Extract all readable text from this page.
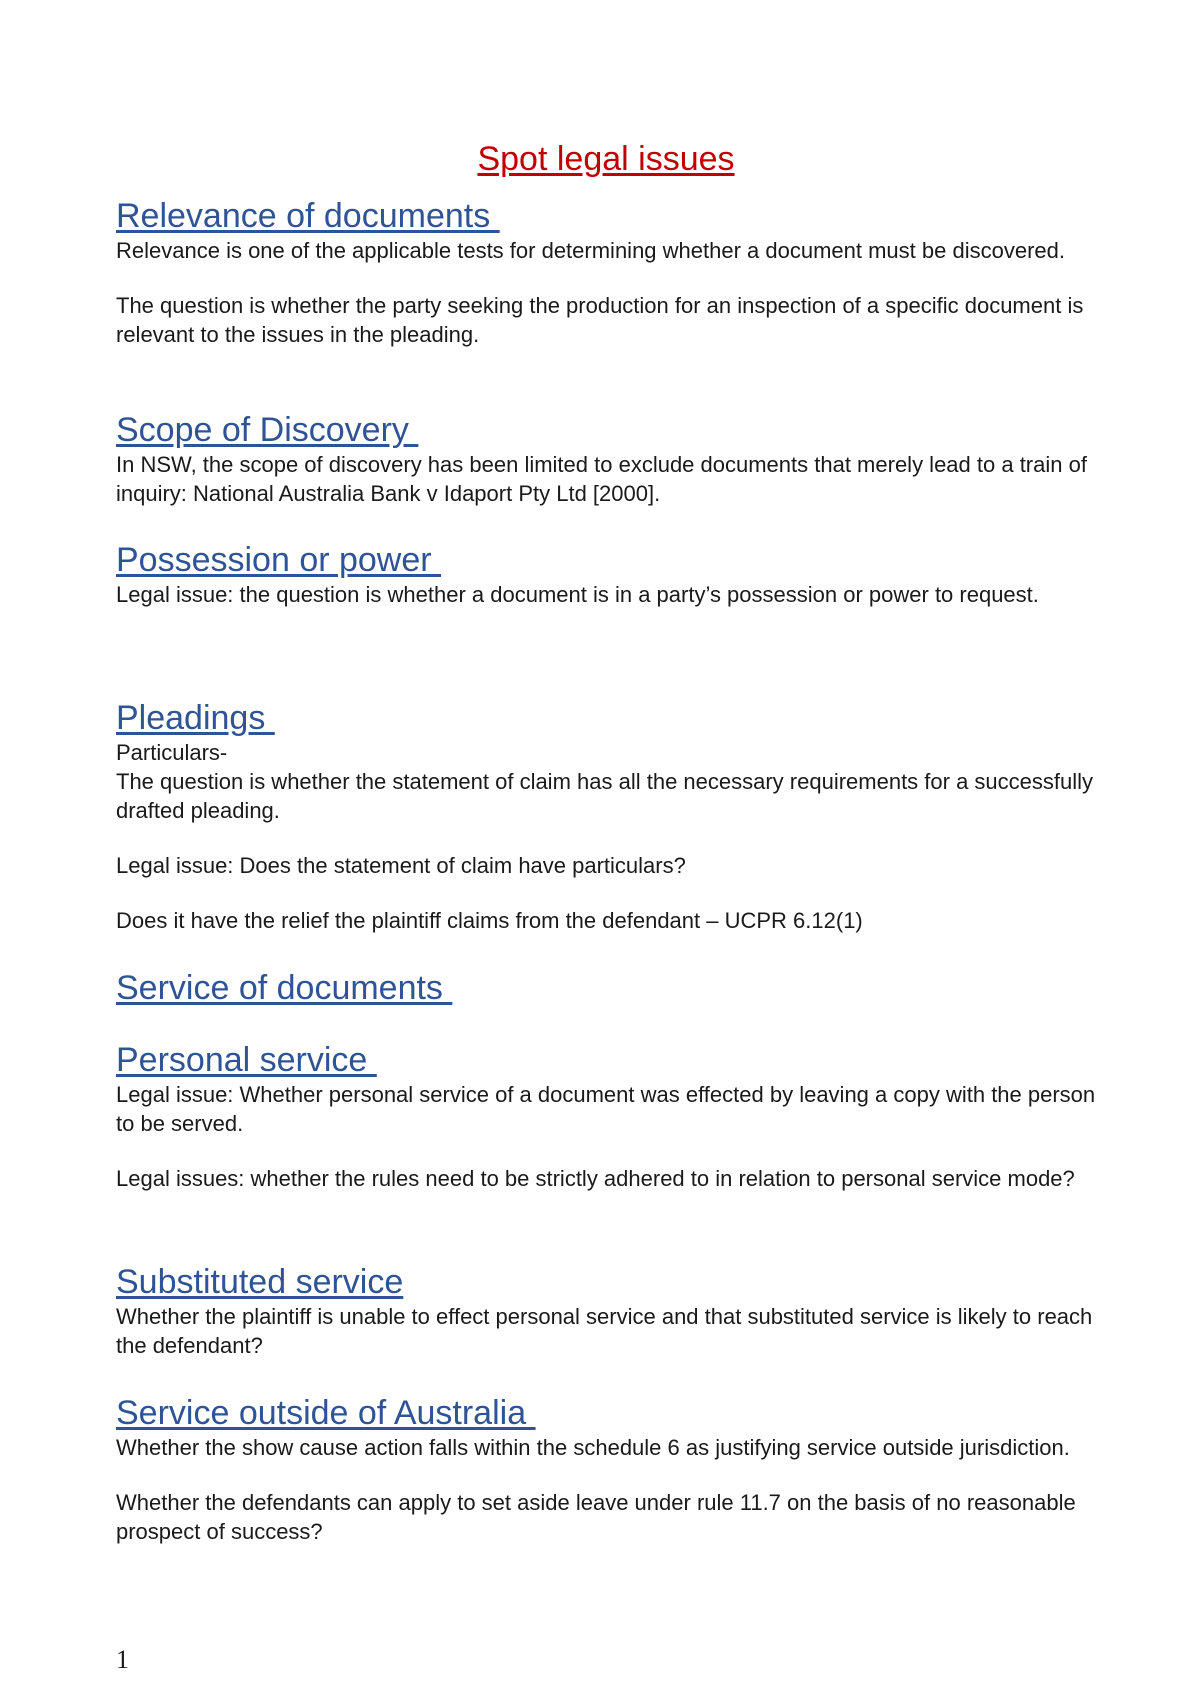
Spot legal issues
Relevance of documents

Relevance is one of the applicable tests for determining whether a document must be discovered.

The question is whether the party seeking the production for an inspection of a specific document is relevant to the issues in the pleading.

Scope of Discovery

In NSW, the scope of discovery has been limited to exclude documents that merely lead to a train of inquiry: National Australia Bank v Idaport Pty Ltd [2000].

Possession or power

Legal issue: the question is whether a document is in a party’s possession or power to request.

Pleadings

Particulars-

The question is whether the statement of claim has all the necessary requirements for a successfully drafted pleading.

Legal issue: Does the statement of claim have particulars?

Does it have the relief the plaintiff claims from the defendant – UCPR 6.12(1)

Service of documents
Personal service

Legal issue: Whether personal service of a document was effected by leaving a copy with the person to be served.

Legal issues: whether the rules need to be strictly adhered to in relation to personal service mode?

Substituted service

Whether the plaintiff is unable to effect personal service and that substituted service is likely to reach the defendant?

Service outside of Australia

Whether the show cause action falls within the schedule 6 as justifying service outside jurisdiction.

Whether the defendants can apply to set aside leave under rule 11.7 on the basis of no reasonable prospect of success?

1
